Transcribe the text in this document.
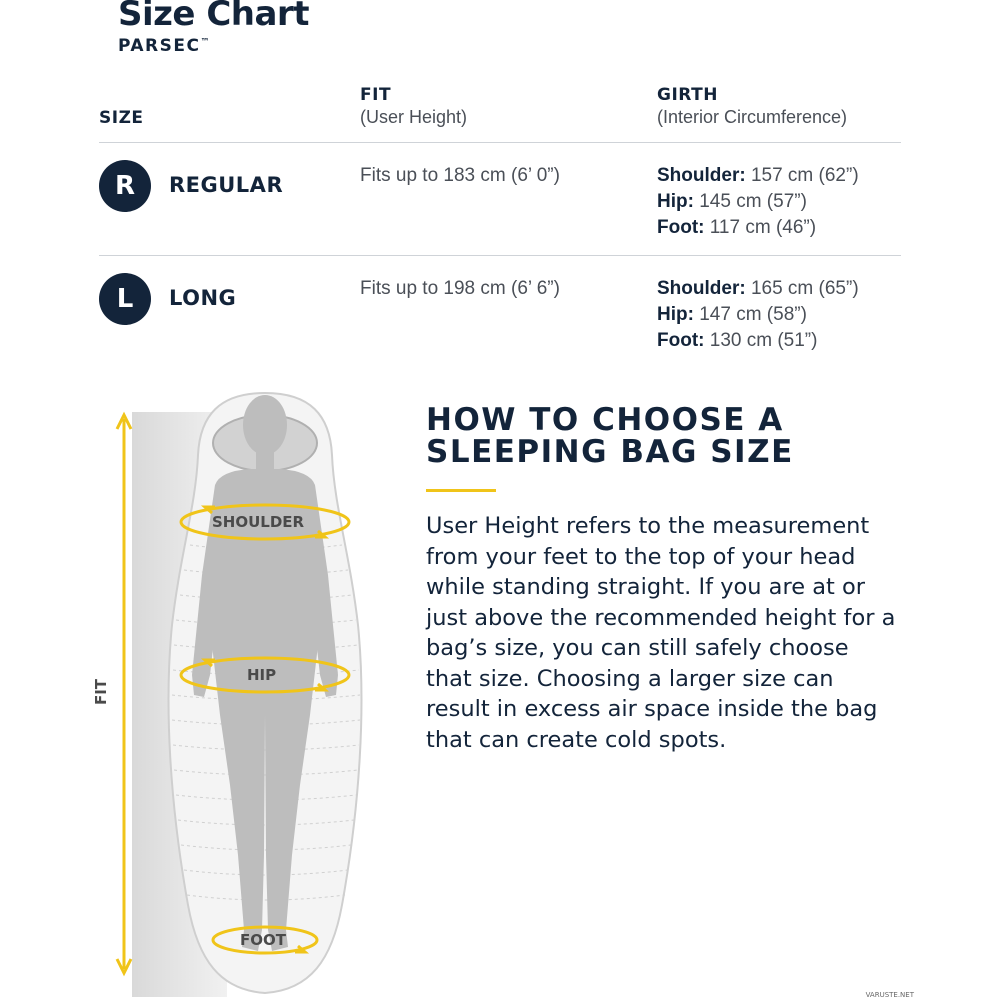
Size Chart
PARSEC™
SIZE
FIT
(User Height)
GIRTH
(Interior Circumference)
R	REGULAR	Fits up to 183 cm (6’ 0”)	Shoulder: 157 cm (62”)
Hip: 145 cm (57”)
Foot: 117 cm (46”)
L	LONG	Fits up to 198 cm (6’ 6”)	Shoulder: 165 cm (65”)
Hip: 147 cm (58”)
Foot: 130 cm (51”)
SHOULDER
HIP
FOOT
FIT
HOW TO CHOOSE A
SLEEPING BAG SIZE
User Height refers to the measurement from your feet to the top of your head while standing straight. If you are at or just above the recommended height for a bag’s size, you can still safely choose that size. Choosing a larger size can result in excess air space inside the bag that can create cold spots.
VARUSTE.NET
